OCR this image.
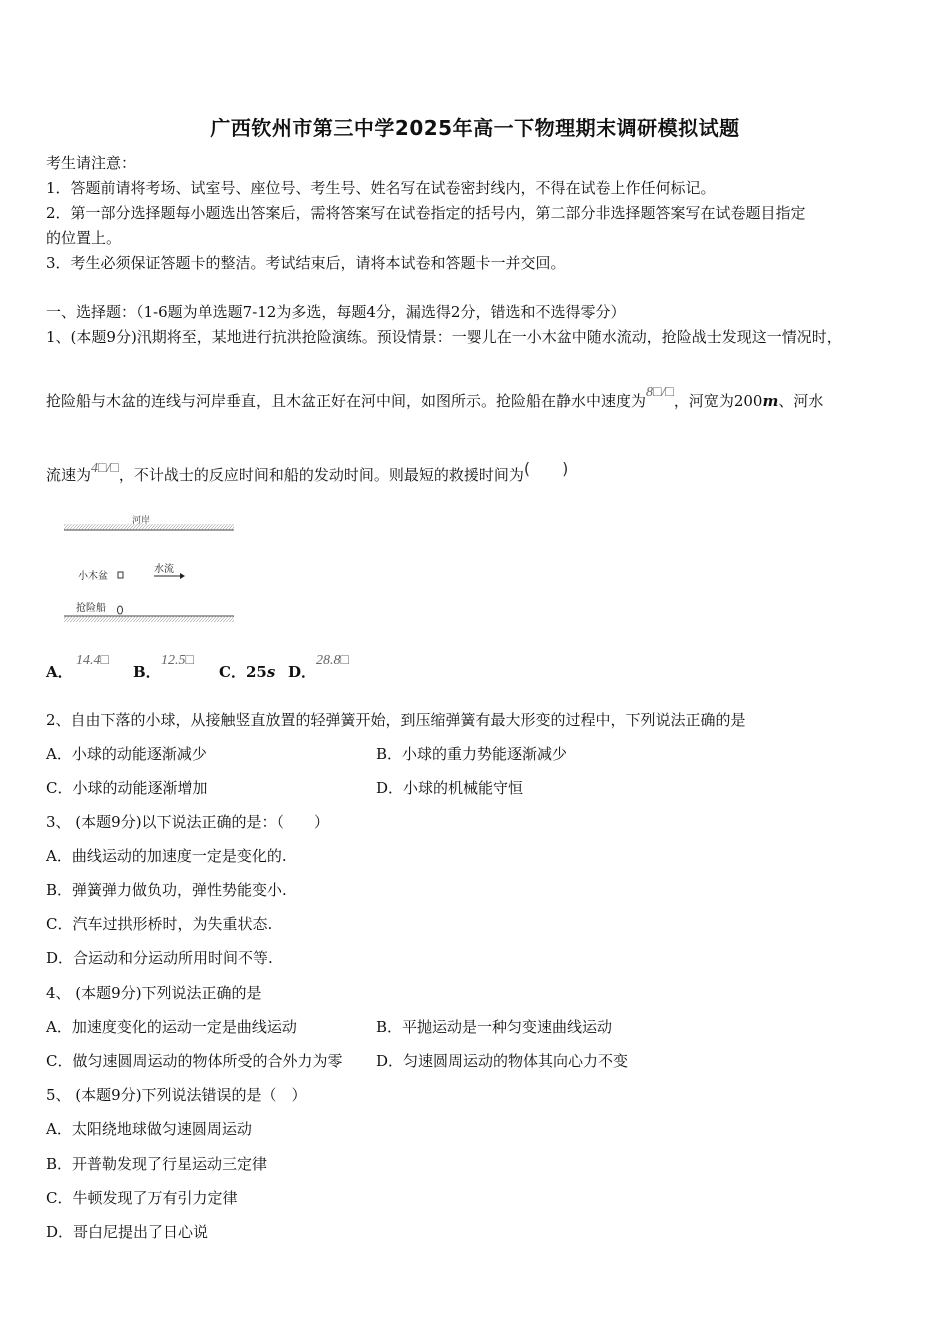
广西钦州市第三中学2025年高一下物理期末调研模拟试题
考生请注意：
1．答题前请将考场、试室号、座位号、考生号、姓名写在试卷密封线内，不得在试卷上作任何标记。
2．第一部分选择题每小题选出答案后，需将答案写在试卷指定的括号内，第二部分非选择题答案写在试卷题目指定
的位置上。
3．考生必须保证答题卡的整洁。考试结束后，请将本试卷和答题卡一并交回。
一、选择题：（1-6题为单选题7-12为多选，每题4分，漏选得2分，错选和不选得零分）
1、(本题9分)汛期将至，某地进行抗洪抢险演练。预设情景：一婴儿在一小木盆中随水流动，抢险战士发现这一情况时，
抢险船与木盆的连线与河岸垂直，且木盆正好在河中间，如图所示。抢险船在静水中速度为8□/□，河宽为200m、河水
流速为4□/□，不计战士的反应时间和船的发动时间。则最短的救援时间为(　　)
河岸
小木盆
水流
抢险船
A．
14.4□
B．
12.5□
C．25s D．
28.8□
2、自由下落的小球，从接触竖直放置的轻弹簧开始，到压缩弹簧有最大形变的过程中，下列说法正确的是
A．小球的动能逐渐减少	B．小球的重力势能逐渐减少
C．小球的动能逐渐增加	D．小球的机械能守恒
3、 (本题9分)以下说法正确的是：（　　）
A．曲线运动的加速度一定是变化的.
B．弹簧弹力做负功，弹性势能变小.
C．汽车过拱形桥时，为失重状态.
D．合运动和分运动所用时间不等.
4、 (本题9分)下列说法正确的是
A．加速度变化的运动一定是曲线运动	B．平抛运动是一种匀变速曲线运动
C．做匀速圆周运动的物体所受的合外力为零 D．匀速圆周运动的物体其向心力不变
5、 (本题9分)下列说法错误的是（　）
A．太阳绕地球做匀速圆周运动
B．开普勒发现了行星运动三定律
C．牛顿发现了万有引力定律
D．哥白尼提出了日心说
